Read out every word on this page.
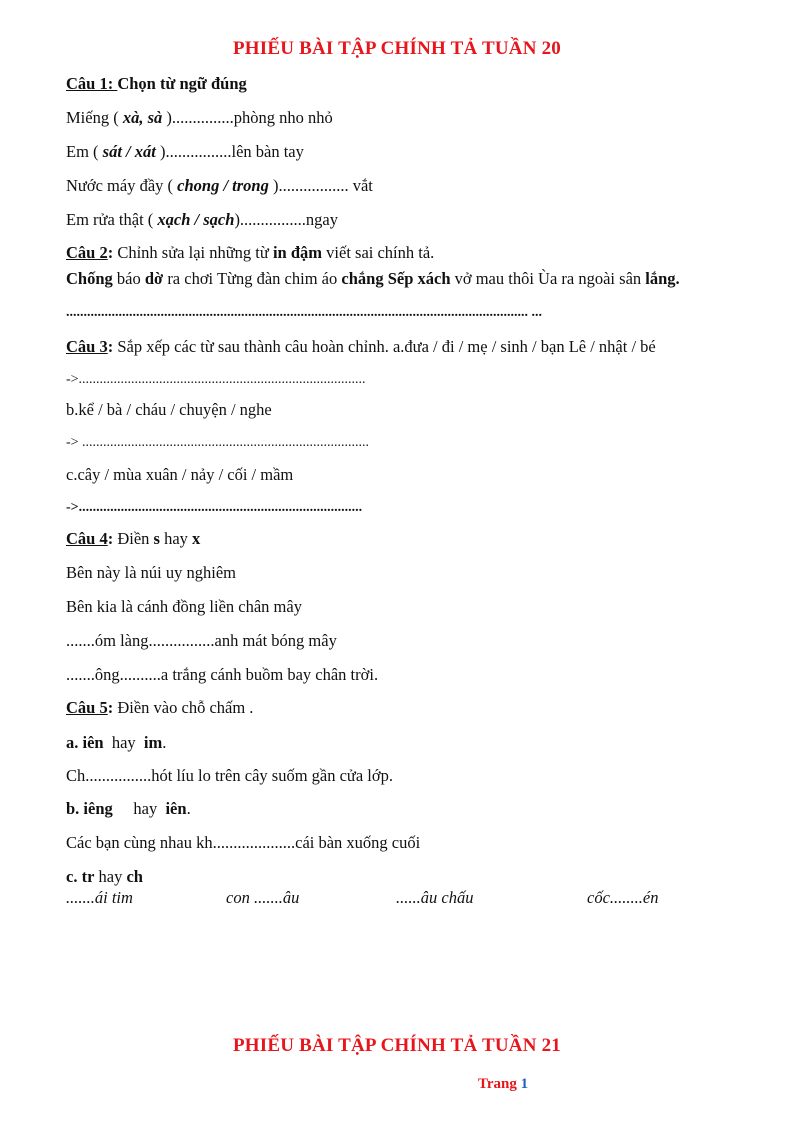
PHIẾU BÀI TẬP CHÍNH TẢ TUẦN 20
Câu 1: Chọn từ ngữ đúng
Miếng ( xà, sà )...............phòng nho nhỏ
Em ( sát / xát )................lên bàn tay
Nước máy đầy ( chong / trong )................. vắt
Em rửa thật ( xạch / sạch)................ngay
Câu 2: Chỉnh sửa lại những từ in đậm viết sai chính tả.
Chống báo dờ ra chơi Từng đàn chim áo chắng Sếp xách vở mau thôi Ùa ra ngoài sân lắng.
.................................................................................................................................... ...
Câu 3: Sắp xếp các từ sau thành câu hoàn chỉnh. a.đưa / đi / mẹ / sinh / bạn Lê / nhật / bé
->..................................................................................
b.kể / bà / cháu / chuyện / nghe
-> ..................................................................................
c.cây / mùa xuân / nảy / cối / mầm
->.................................................................................
Câu 4: Điền s hay x
Bên này là núi uy nghiêm
Bên kia là cánh đồng liền chân mây
.......óm làng................anh mát bóng mây
.......ông..........a trắng cánh buồm bay chân trời.
Câu 5: Điền vào chỗ chấm .
a. iên  hay  im.
Ch................hót líu lo trên cây suốm gần cửa lớp.
b. iêng     hay  iên.
Các bạn cùng nhau kh....................cái bàn xuống cuối
c. tr hay ch
.......ái tim	con .......âu	......âu chấu	cốc........én
PHIẾU BÀI TẬP CHÍNH TẢ TUẦN 21
Trang 1
